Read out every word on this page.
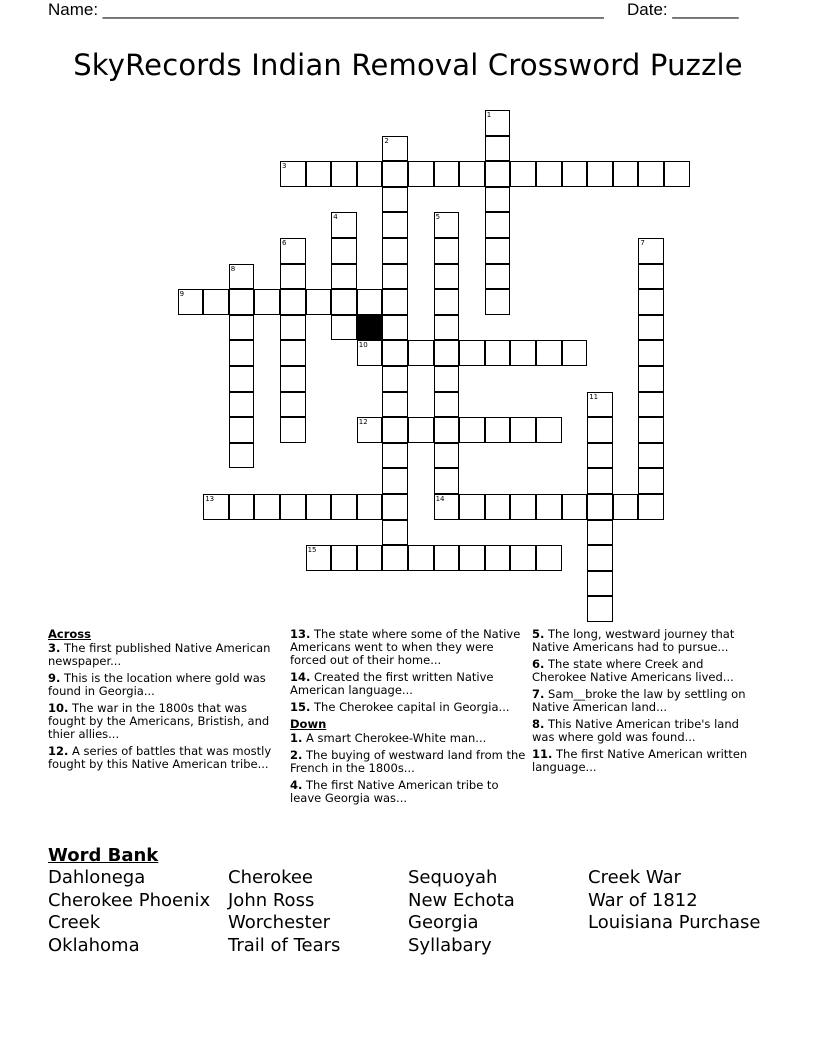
Name: _____________________________________________________ Date: _______
SkyRecords Indian Removal Crossword Puzzle
1
2
3
4	5
6	7
8
9
10
11
12
13	14
15
Across
3. The first published Native American newspaper...
9. This is the location where gold was found in Georgia...
10. The war in the 1800s that was fought by the Americans, Bristish, and thier allies...
12. A series of battles that was mostly fought by this Native American tribe...
13. The state where some of the Native Americans went to when they were forced out of their home...
14. Created the first written Native American language...
15. The Cherokee capital in Georgia...
Down
1. A smart Cherokee-White man...
2. The buying of westward land from the French in the 1800s...
4. The first Native American tribe to leave Georgia was...
5. The long, westward journey that Native Americans had to pursue...
6. The state where Creek and Cherokee Native Americans lived...
7. Sam__broke the law by settling on Native American land...
8. This Native American tribe's land was where gold was found...
11. The first Native American written language...
Word Bank
Dahlonega
Cherokee Phoenix
Creek
Oklahoma
Cherokee
John Ross
Worchester
Trail of Tears
Sequoyah
New Echota
Georgia
Syllabary
Creek War
War of 1812
Louisiana Purchase
